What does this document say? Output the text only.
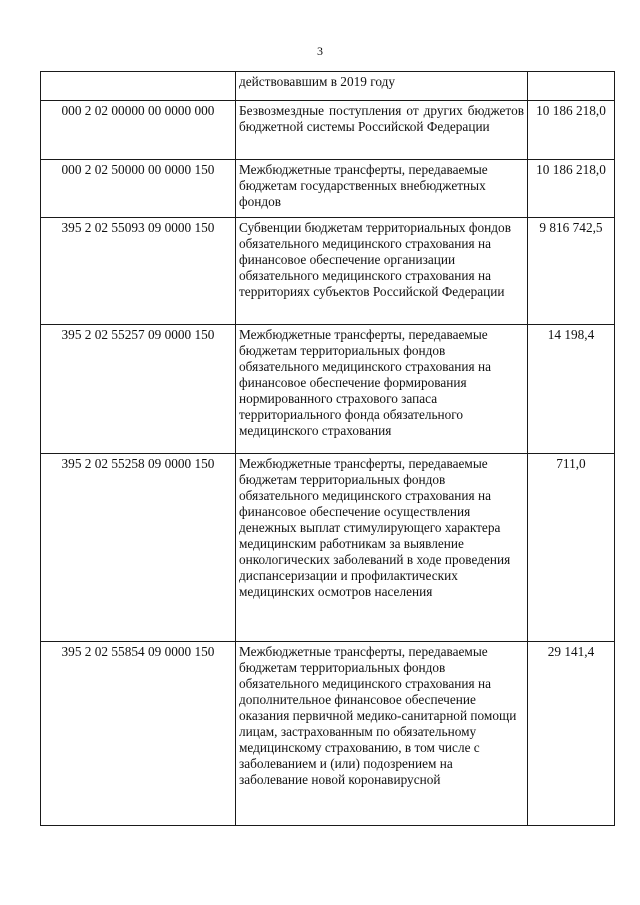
3
	действовавшим в 2019 году	
000 2 02 00000 00 0000 000	Безвозмездные поступления от других бюджетов бюджетной системы Российской Федерации	10 186 218,0
000 2 02 50000 00 0000 150	Межбюджетные трансферты, передаваемые бюджетам государственных внебюджетных фондов	10 186 218,0
395 2 02 55093 09 0000 150	Субвенции бюджетам территориальных фондов обязательного медицинского страхования на финансовое обеспечение организации обязательного медицинского страхования на территориях субъектов Российской Федерации	9 816 742,5
395 2 02 55257 09 0000 150	Межбюджетные трансферты, передаваемые бюджетам территориальных фондов обязательного медицинского страхования на финансовое обеспечение формирования нормированного страхового запаса территориального фонда обязательного медицинского страхования	14 198,4
395 2 02 55258 09 0000 150	Межбюджетные трансферты, передаваемые бюджетам территориальных фондов обязательного медицинского страхования на финансовое обеспечение осуществления денежных выплат стимулирующего характера медицинским работникам за выявление онкологических заболеваний в ходе проведения диспансеризации и профилактических медицинских осмотров населения	711,0
395 2 02 55854 09 0000 150	Межбюджетные трансферты, передаваемые бюджетам территориальных фондов обязательного медицинского страхования на дополнительное финансовое обеспечение оказания первичной медико-санитарной помощи лицам, застрахованным по обязательному медицинскому страхованию, в том числе с заболеванием и (или) подозрением на заболевание новой коронавирусной	29 141,4
